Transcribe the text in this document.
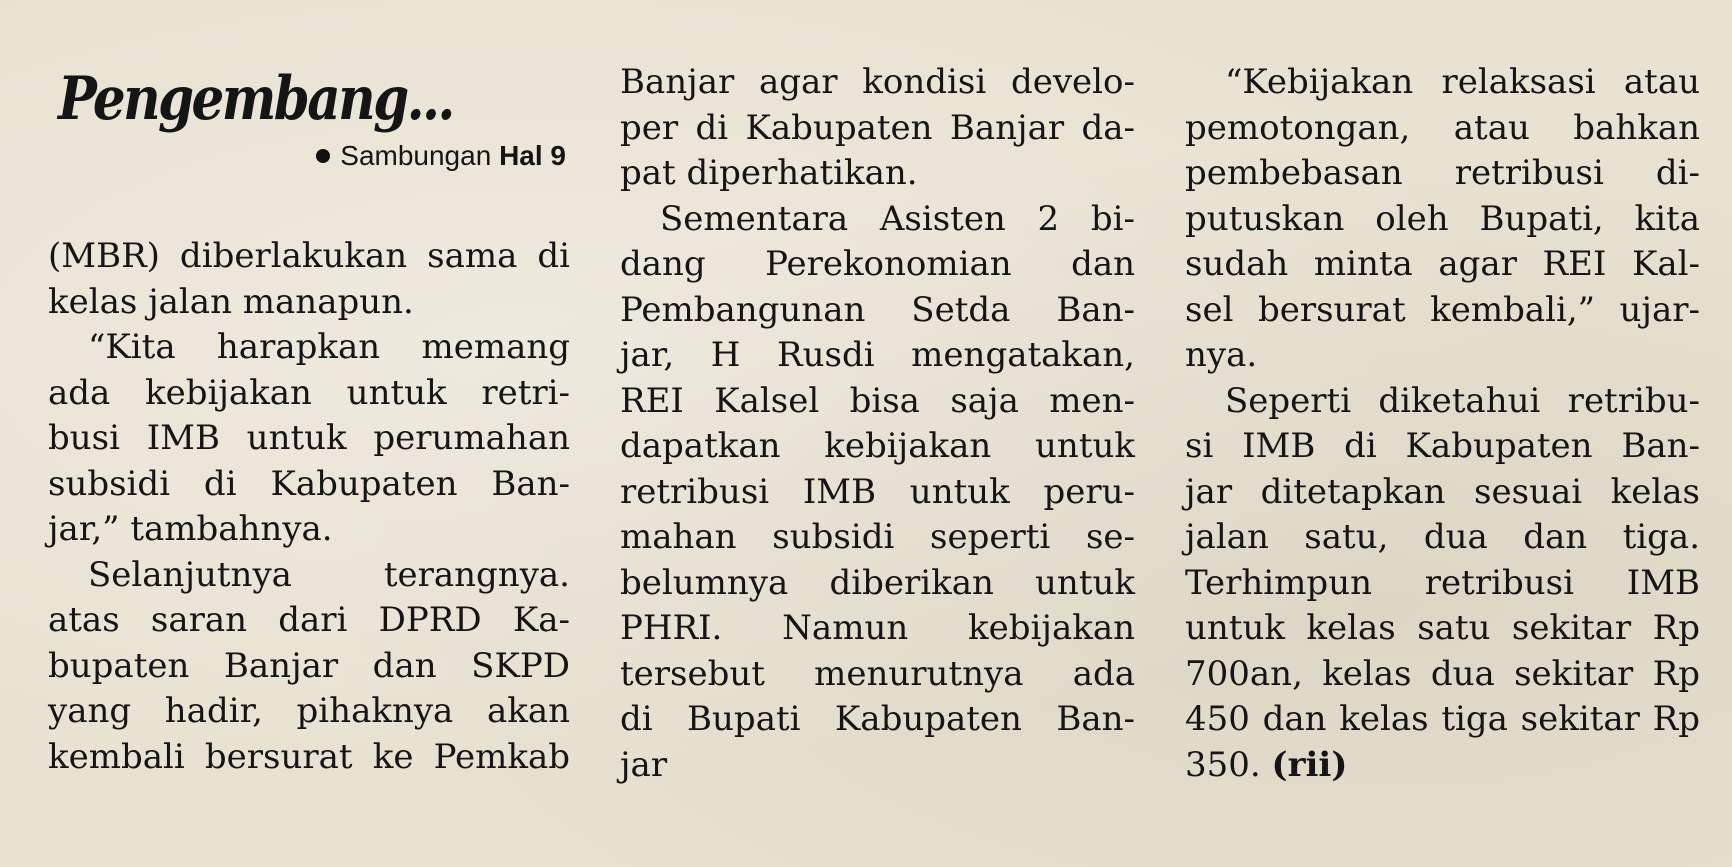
Pengembang...
Sambungan Hal 9
(MBR) diberlakukan sama di
kelas jalan manapun.
“Kita harapkan memang
ada kebijakan untuk retri-
busi IMB untuk perumahan
subsidi di Kabupaten Ban-
jar,” tambahnya.
Selanjutnya terangnya.
atas saran dari DPRD Ka-
bupaten Banjar dan SKPD
yang hadir, pihaknya akan
kembali bersurat ke Pemkab
Banjar agar kondisi develo-
per di Kabupaten Banjar da-
pat diperhatikan.
Sementara Asisten 2 bi-
dang Perekonomian dan
Pembangunan Setda Ban-
jar, H Rusdi mengatakan,
REI Kalsel bisa saja men-
dapatkan kebijakan untuk
retribusi IMB untuk peru-
mahan subsidi seperti se-
belumnya diberikan untuk
PHRI. Namun kebijakan
tersebut menurutnya ada
di Bupati Kabupaten Ban-
jar
“Kebijakan relaksasi atau
pemotongan, atau bahkan
pembebasan retribusi di-
putuskan oleh Bupati, kita
sudah minta agar REI Kal-
sel bersurat kembali,” ujar-
nya.
Seperti diketahui retribu-
si IMB di Kabupaten Ban-
jar ditetapkan sesuai kelas
jalan satu, dua dan tiga.
Terhimpun retribusi IMB
untuk kelas satu sekitar Rp
700an, kelas dua sekitar Rp
450 dan kelas tiga sekitar Rp
350. (rii)
